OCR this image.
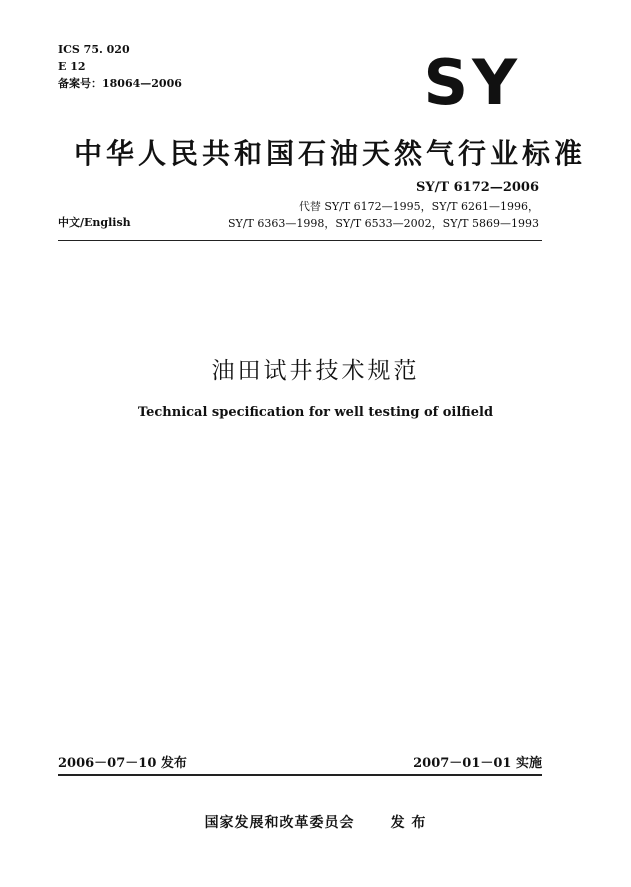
ICS 75. 020
E 12
备案号：18064—2006	SY
中华人民共和国石油天然气行业标准
SY/T 6172—2006
代替 SY/T 6172—1995，SY/T 6261—1996，
中文/English	SY/T 6363—1998，SY/T 6533—2002，SY/T 5869—1993
油田试井技术规范
Technical specification for well testing of oilfield
2006－07－10 发布	2007－01－01 实施
国家发展和改革委员会	发 布
